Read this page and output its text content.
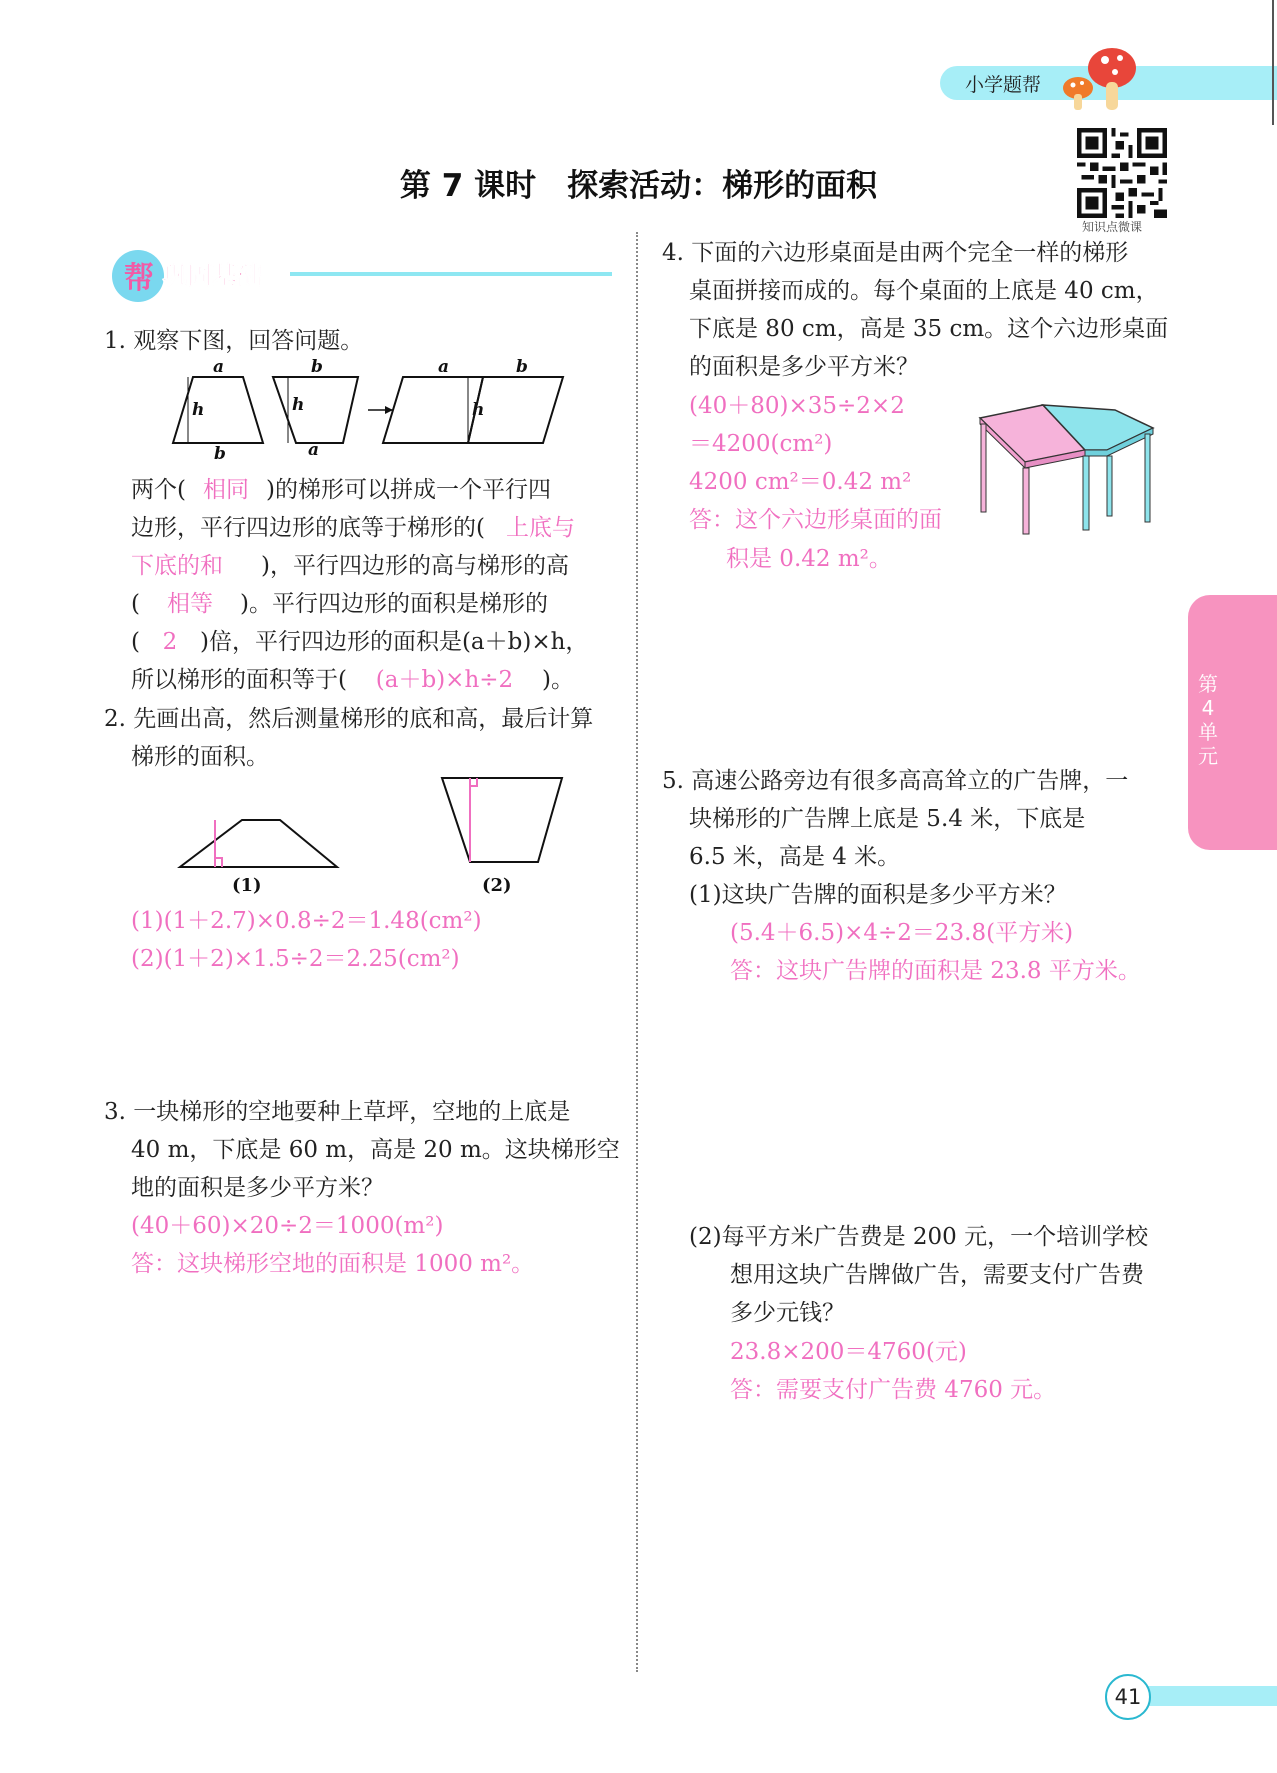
小学题帮
第 7 课时　探索活动：梯形的面积
知识点微课
帮 巩固基础
第4单元
1. 观察下图，回答问题。
a	b	a	b
b	a
h	h	h
两个( 相同 )的梯形可以拼成一个平行四
边形，平行四边形的底等于梯形的( 上底与
下底的和 )，平行四边形的高与梯形的高
( 相等 )。平行四边形的面积是梯形的
( 2 )倍，平行四边形的面积是(a＋b)×h，
所以梯形的面积等于( (a＋b)×h÷2 )。
2. 先画出高，然后测量梯形的底和高，最后计算
梯形的面积。
(1)	(2)
(1)(1＋2.7)×0.8÷2＝1.48(cm²)
(2)(1＋2)×1.5÷2＝2.25(cm²)
3. 一块梯形的空地要种上草坪，空地的上底是
40 m，下底是 60 m，高是 20 m。这块梯形空
地的面积是多少平方米？
(40＋60)×20÷2＝1000(m²)
答：这块梯形空地的面积是 1000 m²。
4. 下面的六边形桌面是由两个完全一样的梯形
桌面拼接而成的。每个桌面的上底是 40 cm，
下底是 80 cm，高是 35 cm。这个六边形桌面
的面积是多少平方米？
(40＋80)×35÷2×2
＝4200(cm²)
4200 cm²＝0.42 m²
答：这个六边形桌面的面
积是 0.42 m²。
5. 高速公路旁边有很多高高耸立的广告牌，一
块梯形的广告牌上底是 5.4 米，下底是
6.5 米，高是 4 米。
(1)这块广告牌的面积是多少平方米？
(5.4＋6.5)×4÷2＝23.8(平方米)
答：这块广告牌的面积是 23.8 平方米。
(2)每平方米广告费是 200 元，一个培训学校
想用这块广告牌做广告，需要支付广告费
多少元钱？
23.8×200＝4760(元)
答：需要支付广告费 4760 元。
41
